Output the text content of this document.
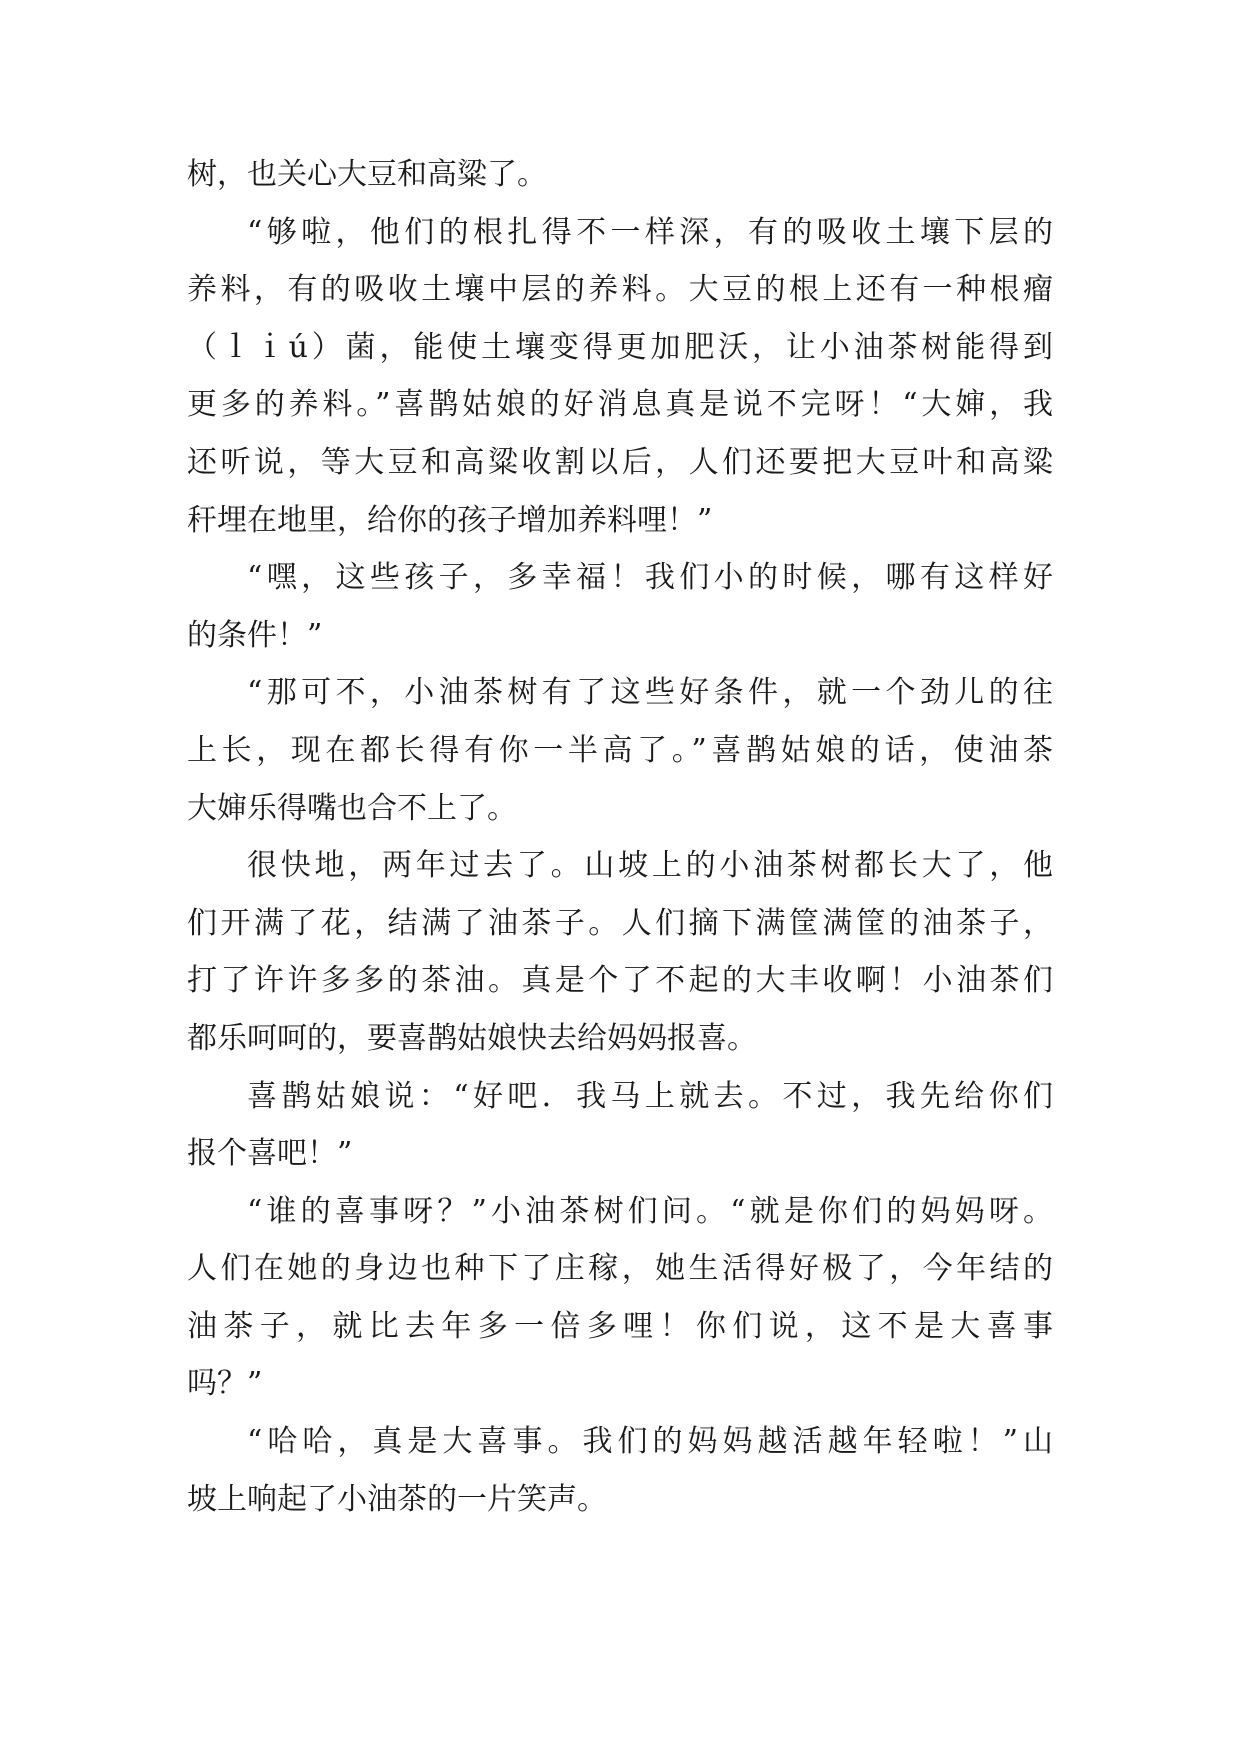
树，也关心大豆和高粱了。
“够啦，他们的根扎得不一样深，有的吸收土壤下层的
养料，有的吸收土壤中层的养料。大豆的根上还有一种根瘤
（ｌｉú）菌，能使土壤变得更加肥沃，让小油茶树能得到
更多的养料。”喜鹊姑娘的好消息真是说不完呀！“大婶，我
还听说，等大豆和高粱收割以后，人们还要把大豆叶和高粱
秆埋在地里，给你的孩子增加养料哩！”
“嘿，这些孩子，多幸福！我们小的时候，哪有这样好
的条件！”
“那可不，小油茶树有了这些好条件，就一个劲儿的往
上长，现在都长得有你一半高了。”喜鹊姑娘的话，使油茶
大婶乐得嘴也合不上了。
很快地，两年过去了。山坡上的小油茶树都长大了，他
们开满了花，结满了油茶子。人们摘下满筐满筐的油茶子，
打了许许多多的茶油。真是个了不起的大丰收啊！小油茶们
都乐呵呵的，要喜鹊姑娘快去给妈妈报喜。
喜鹊姑娘说：“好吧．我马上就去。不过，我先给你们
报个喜吧！”
“谁的喜事呀？”小油茶树们问。“就是你们的妈妈呀。
人们在她的身边也种下了庄稼，她生活得好极了，今年结的
油茶子，就比去年多一倍多哩！你们说，这不是大喜事
吗？”
“哈哈，真是大喜事。我们的妈妈越活越年轻啦！”山
坡上响起了小油茶的一片笑声。
